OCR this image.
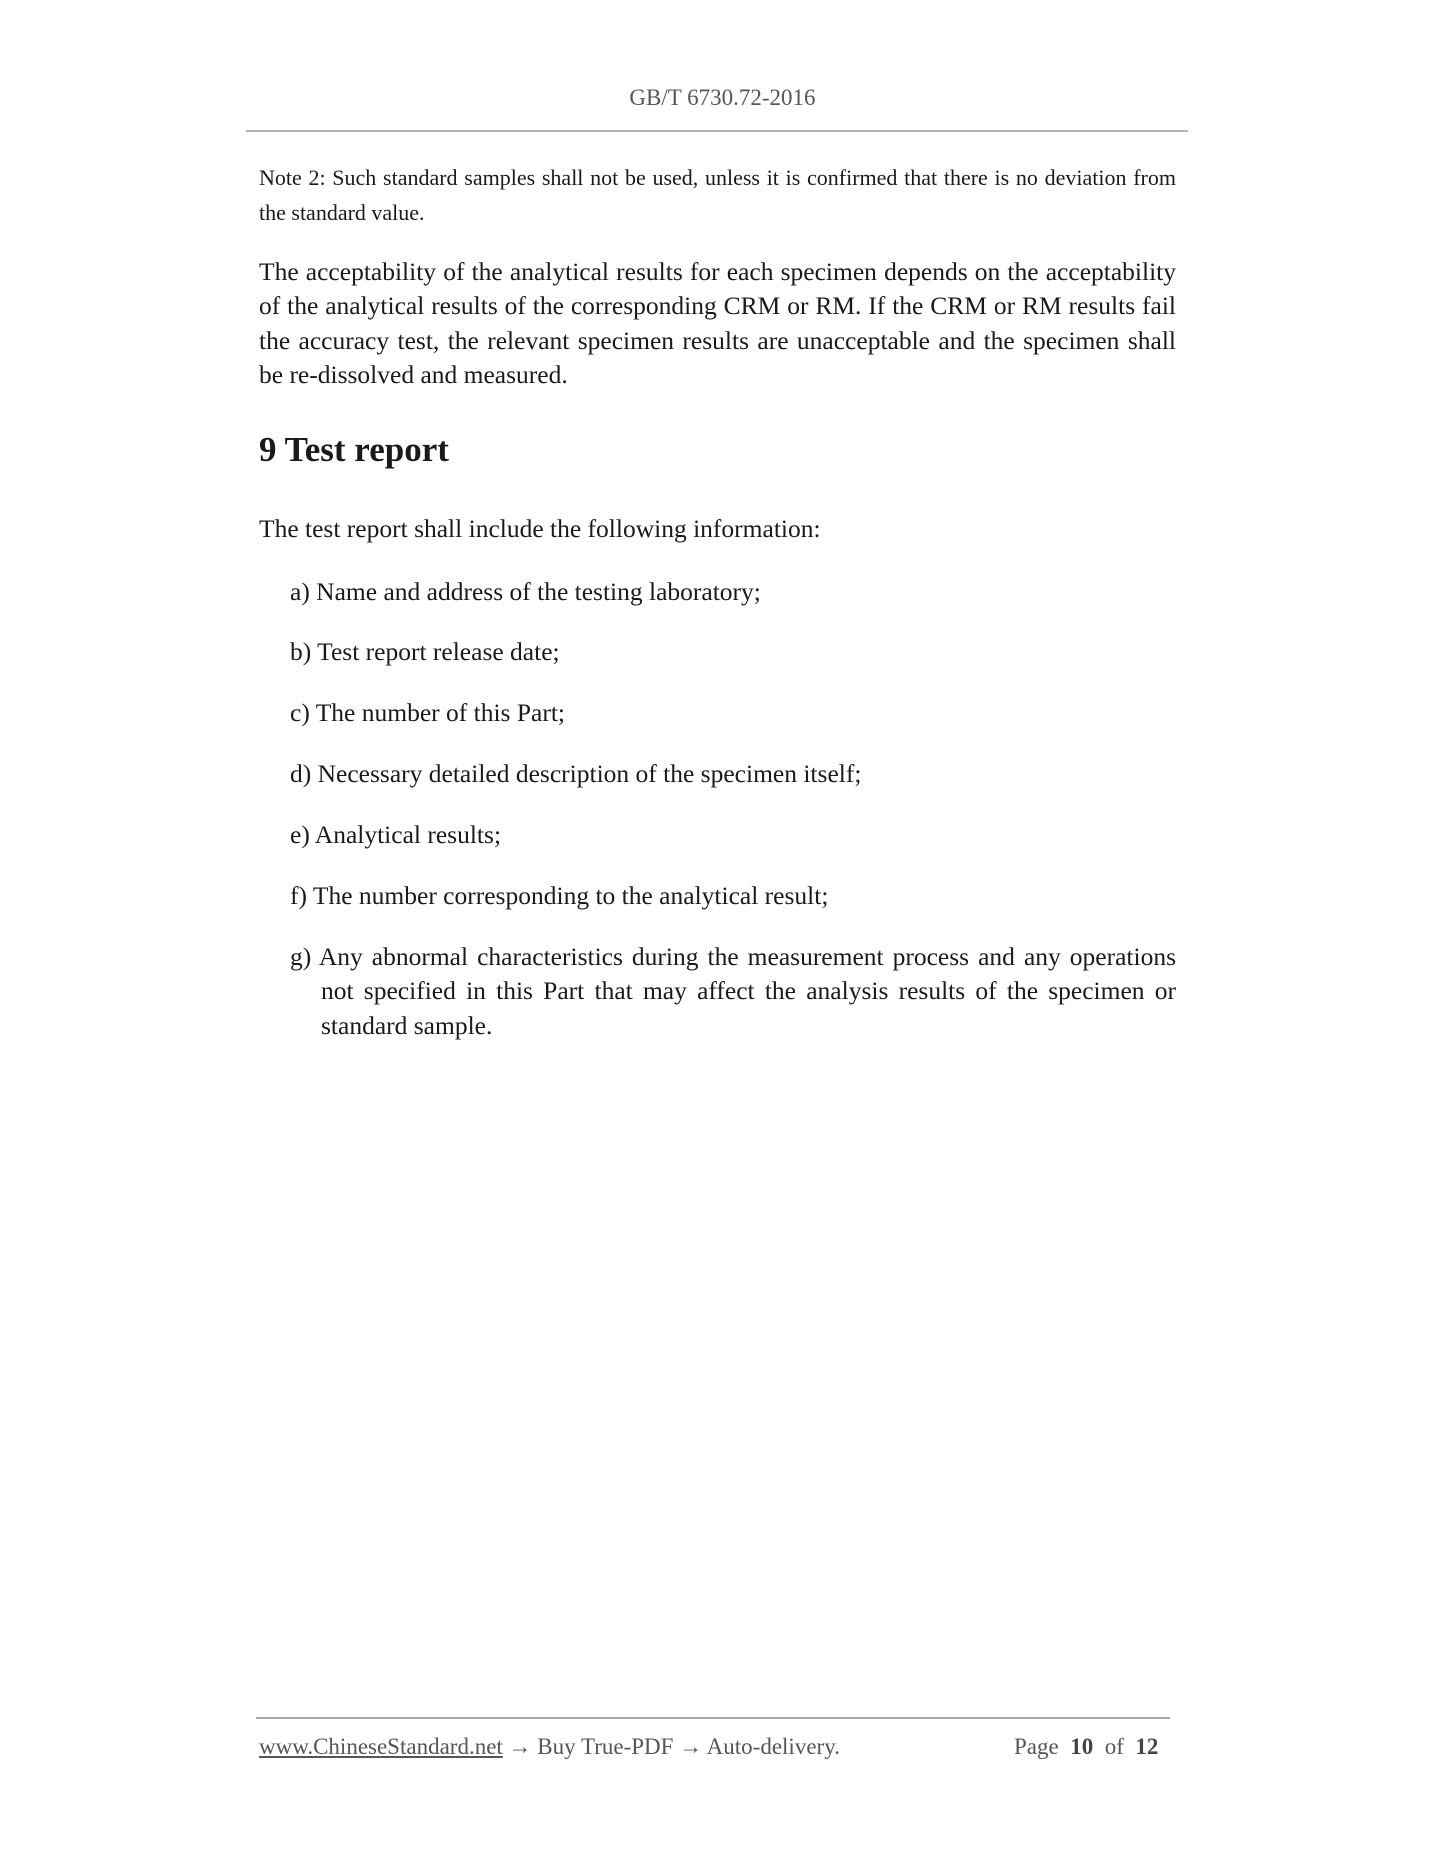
GB/T 6730.72-2016
Note 2: Such standard samples shall not be used, unless it is confirmed that there is no deviation from the standard value.
The acceptability of the analytical results for each specimen depends on the acceptability of the analytical results of the corresponding CRM or RM. If the CRM or RM results fail the accuracy test, the relevant specimen results are unacceptable and the specimen shall be re-dissolved and measured.
9 Test report
The test report shall include the following information:
a) Name and address of the testing laboratory;
b) Test report release date;
c) The number of this Part;
d) Necessary detailed description of the specimen itself;
e) Analytical results;
f) The number corresponding to the analytical result;
g) Any abnormal characteristics during the measurement process and any operations not specified in this Part that may affect the analysis results of the specimen or standard sample.
www.ChineseStandard.net → Buy True-PDF → Auto-delivery.	Page 10 of 12
